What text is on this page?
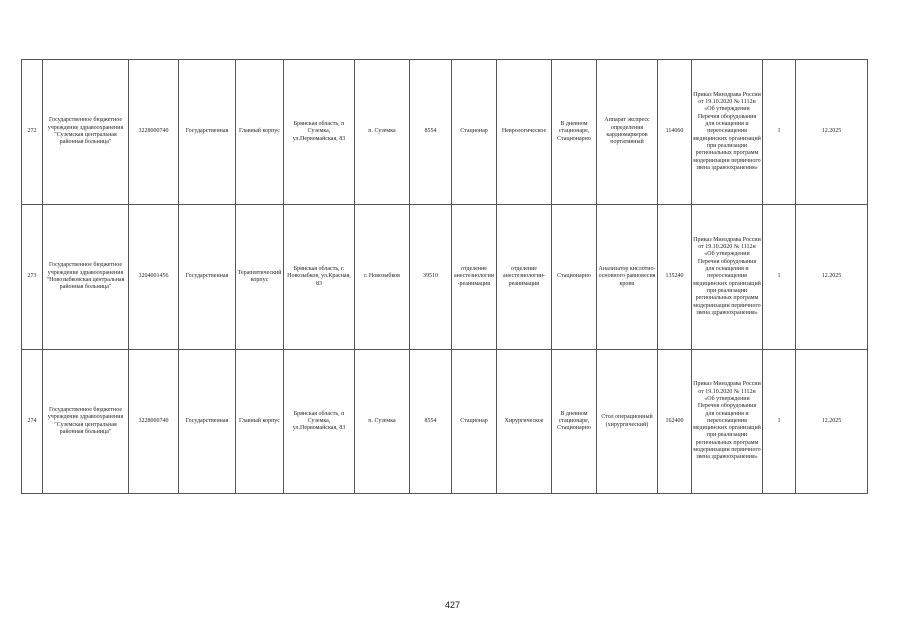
272	Государственное бюджетное учреждение здравоохранения "Суземская центральная районная больница"	3228000740	Государственная	Главный корпус	Брянская область, п Суземка, ул.Первомайская, 83	п. Суземка	8554	Стационар	Неврологическое	В дневном стационаре, Стационарно	Аппарат экспресс определения кардиомаркеров портативный	114060	Приказ Минздрава России от 19.10.2020 № 1112н «Об утверждении Перечня оборудования для оснащения и переоснащения медицинских организаций при реализации региональных программ модернизации первичного звена здравоохранения»	1	12.2025
273	Государственное бюджетное учреждение здравоохранения "Новозыбковская центральная районная больница"	3204001456	Государственная	Терапевтический корпус	Брянская область, г. Новозыбков, ул.Красная, 83	г. Новозыбков	39510	отделение анестезиологии-реанимации	отделение анестезиологии-реанимации	Стационарно	Анализатор кислотно-основного равновесия крови	135240	Приказ Минздрава России от 19.10.2020 № 1112н «Об утверждении Перечня оборудования для оснащения и переоснащения медицинских организаций при реализации региональных программ модернизации первичного звена здравоохранения»	1	12.2025
274	Государственное бюджетное учреждение здравоохранения "Суземская центральная районная больница"	3228000740	Государственная	Главный корпус	Брянская область, п Суземка, ул.Первомайская, 83	п. Суземка	8554	Стационар	Хирургическое	В дневном стационаре, Стационарно	Стол операционный (хирургический)	162400	Приказ Минздрава России от 19.10.2020 № 1112н «Об утверждении Перечня оборудования для оснащения и переоснащения медицинских организаций при реализации региональных программ модернизации первичного звена здравоохранения»	1	12.2025
427
